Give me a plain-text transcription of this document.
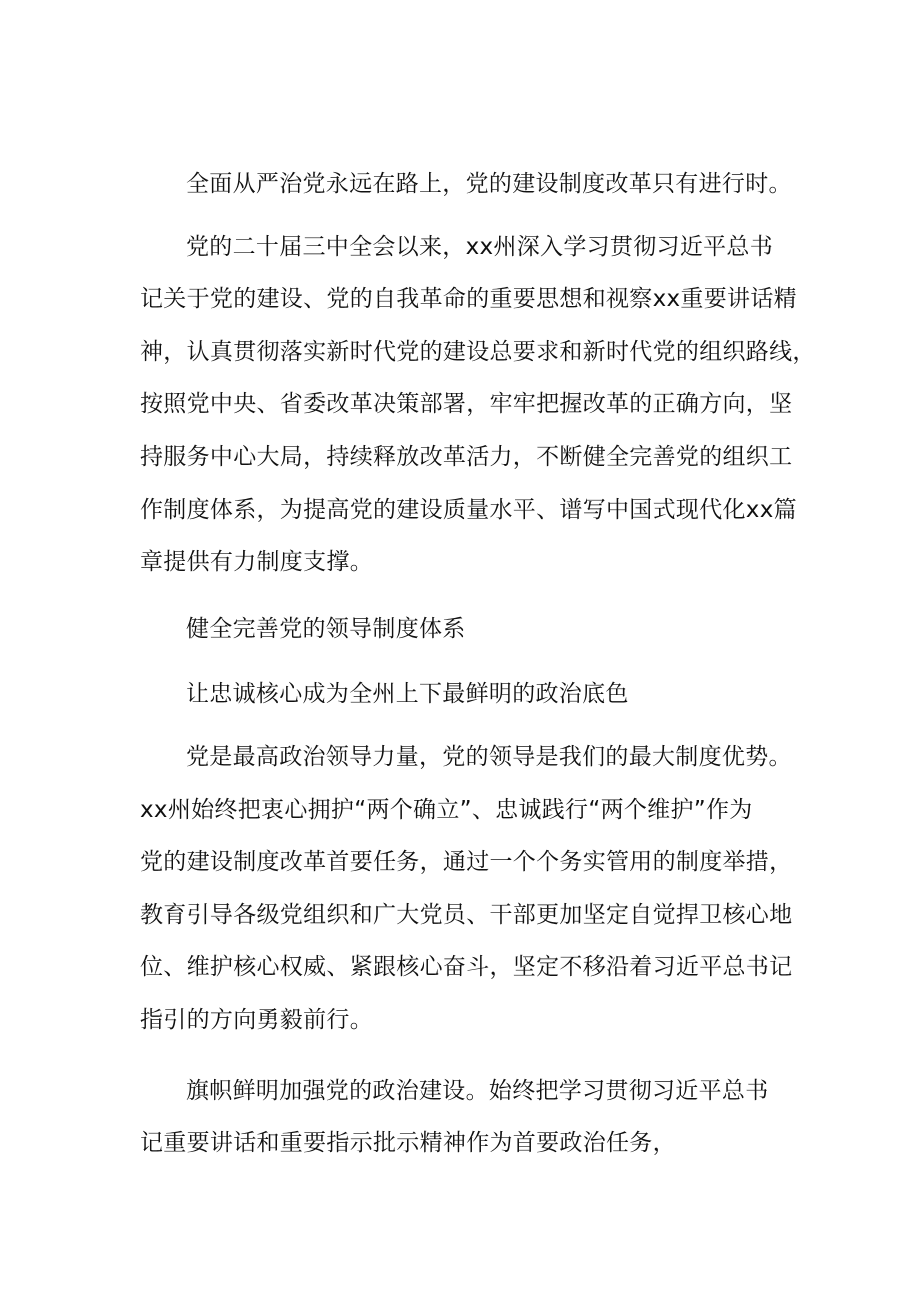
全面从严治党永远在路上，党的建设制度改革只有进行时。

党的二十届三中全会以来，xx州深入学习贯彻习近平总书
记关于党的建设、党的自我革命的重要思想和视察xx重要讲话精
神，认真贯彻落实新时代党的建设总要求和新时代党的组织路线，
按照党中央、省委改革决策部署，牢牢把握改革的正确方向，坚
持服务中心大局，持续释放改革活力，不断健全完善党的组织工
作制度体系，为提高党的建设质量水平、谱写中国式现代化xx篇
章提供有力制度支撑。

健全完善党的领导制度体系

让忠诚核心成为全州上下最鲜明的政治底色

党是最高政治领导力量，党的领导是我们的最大制度优势。
xx州始终把衷心拥护“两个确立”、忠诚践行“两个维护”作为
党的建设制度改革首要任务，通过一个个务实管用的制度举措，
教育引导各级党组织和广大党员、干部更加坚定自觉捍卫核心地
位、维护核心权威、紧跟核心奋斗，坚定不移沿着习近平总书记
指引的方向勇毅前行。

旗帜鲜明加强党的政治建设。始终把学习贯彻习近平总书
记重要讲话和重要指示批示精神作为首要政治任务，
